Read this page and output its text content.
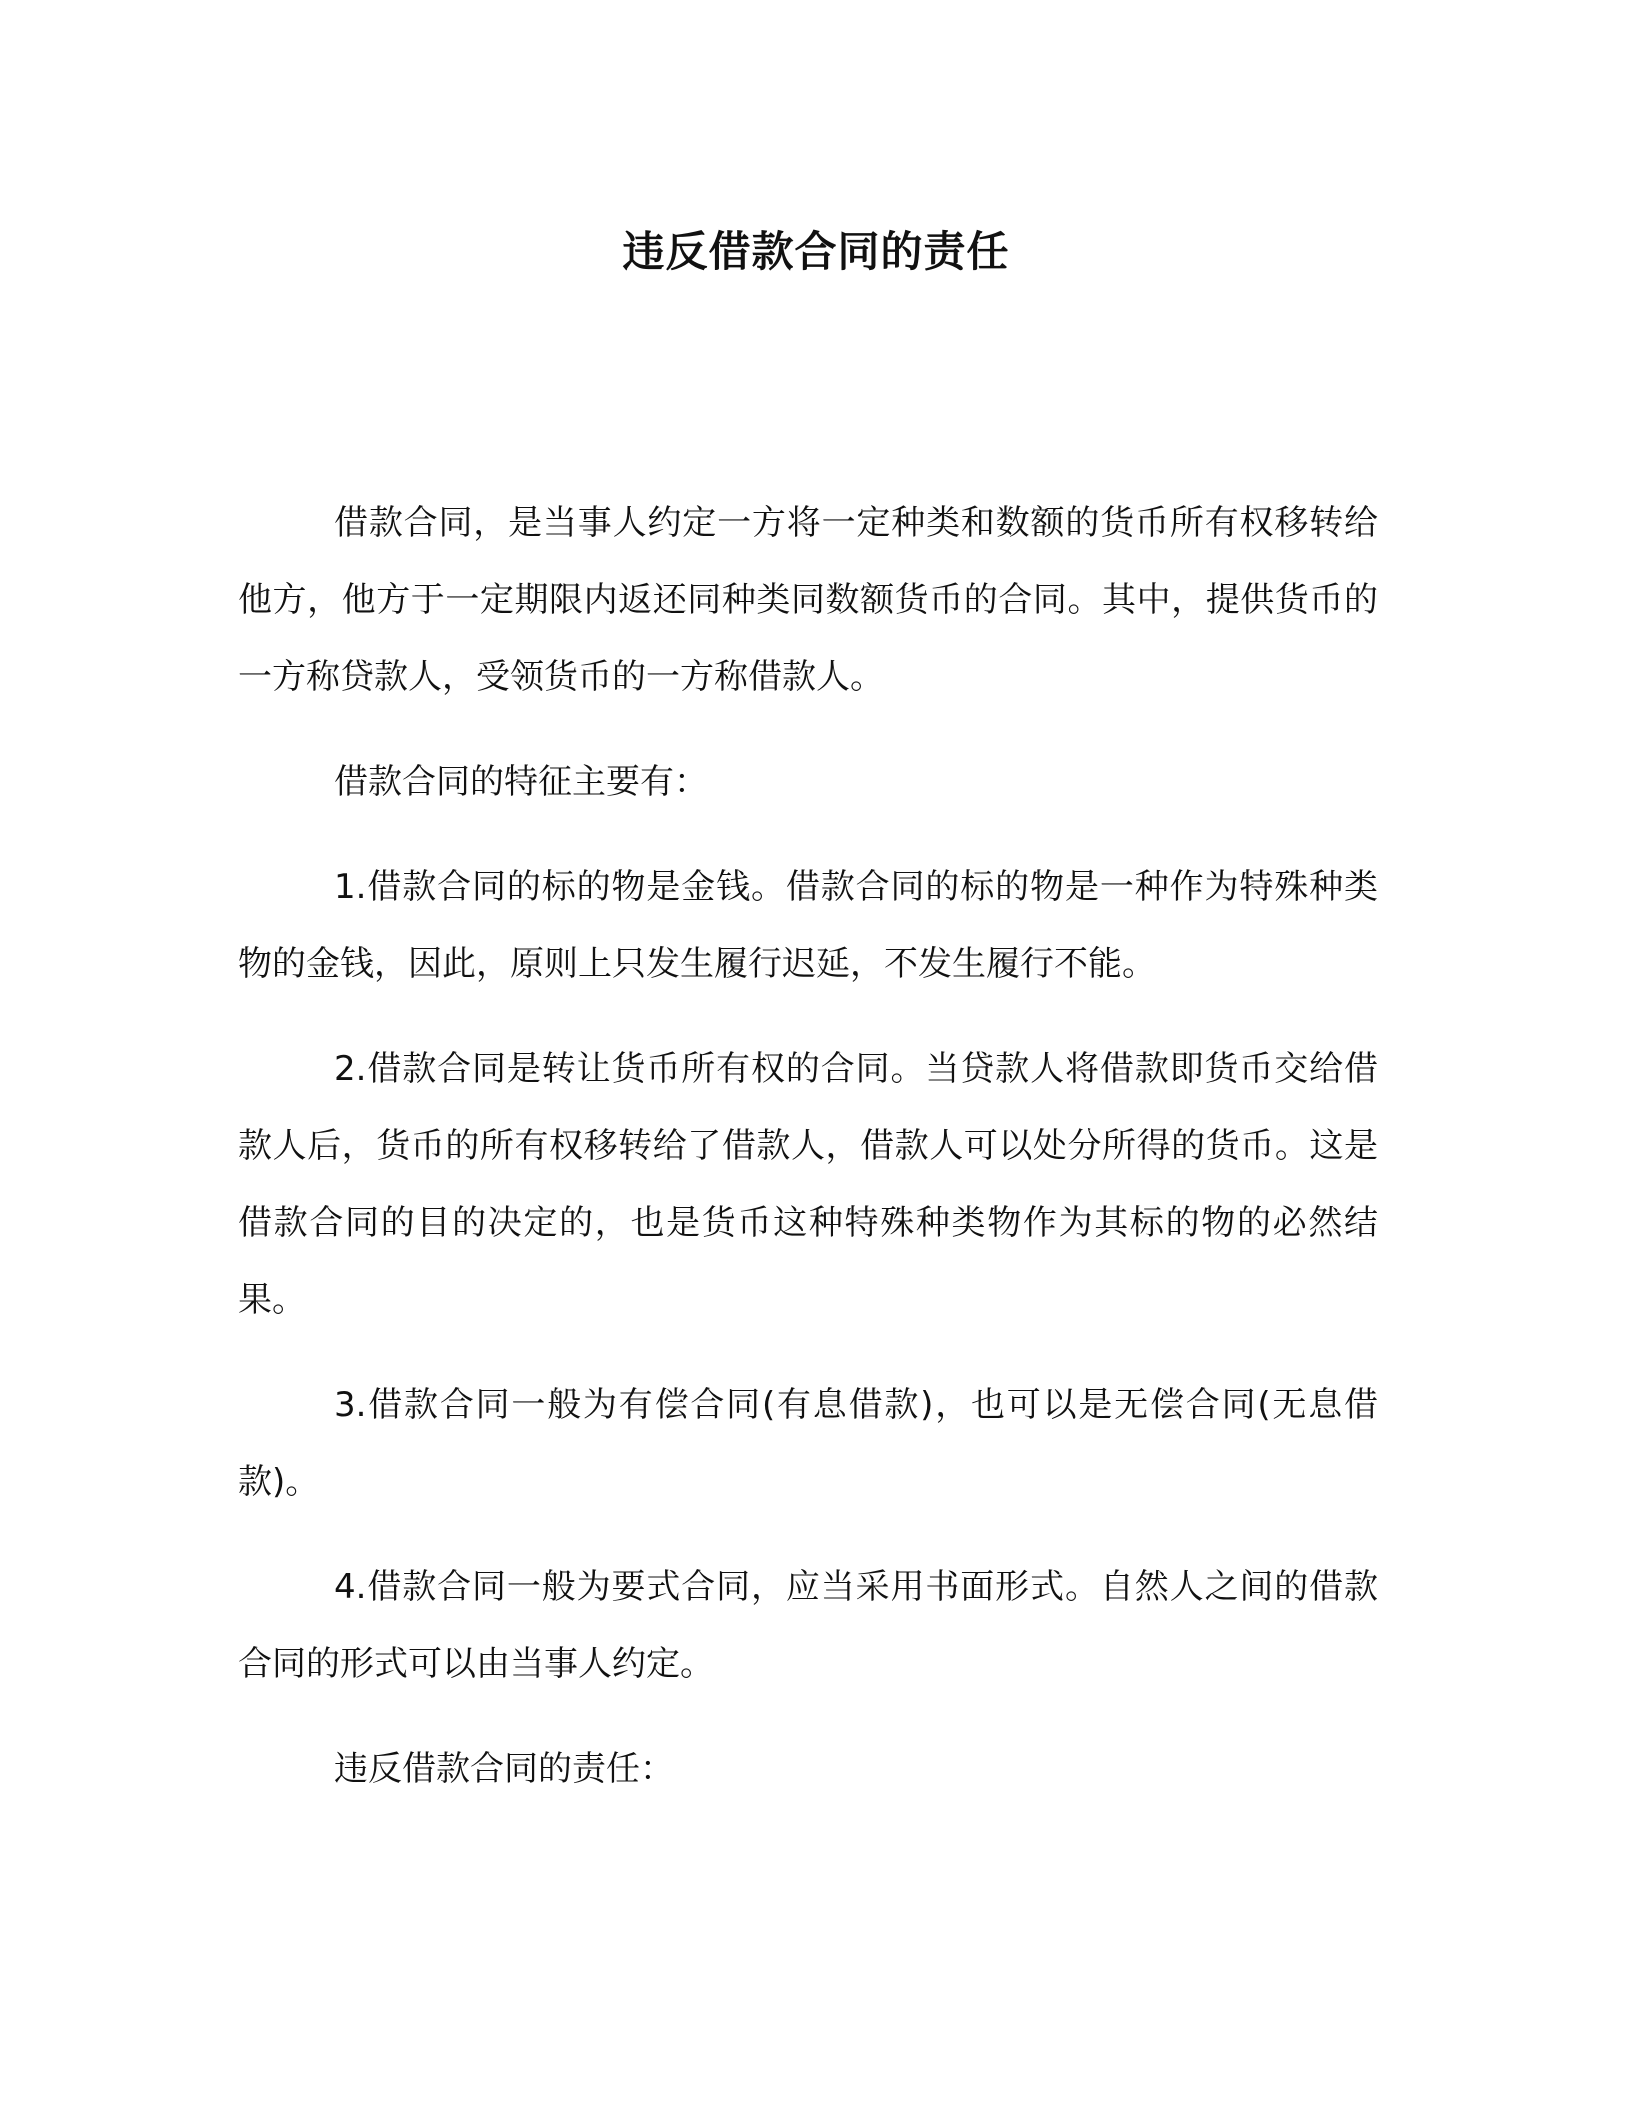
违反借款合同的责任

借款合同，是当事人约定一方将一定种类和数额的货币所有权移转给他方，他方于一定期限内返还同种类同数额货币的合同。其中，提供货币的一方称贷款人，受领货币的一方称借款人。

借款合同的特征主要有：

1.借款合同的标的物是金钱。借款合同的标的物是一种作为特殊种类物的金钱，因此，原则上只发生履行迟延，不发生履行不能。

2.借款合同是转让货币所有权的合同。当贷款人将借款即货币交给借款人后，货币的所有权移转给了借款人，借款人可以处分所得的货币。这是借款合同的目的决定的，也是货币这种特殊种类物作为其标的物的必然结果。

3.借款合同一般为有偿合同(有息借款)，也可以是无偿合同(无息借款)。

4.借款合同一般为要式合同，应当采用书面形式。自然人之间的借款合同的形式可以由当事人约定。

违反借款合同的责任：
